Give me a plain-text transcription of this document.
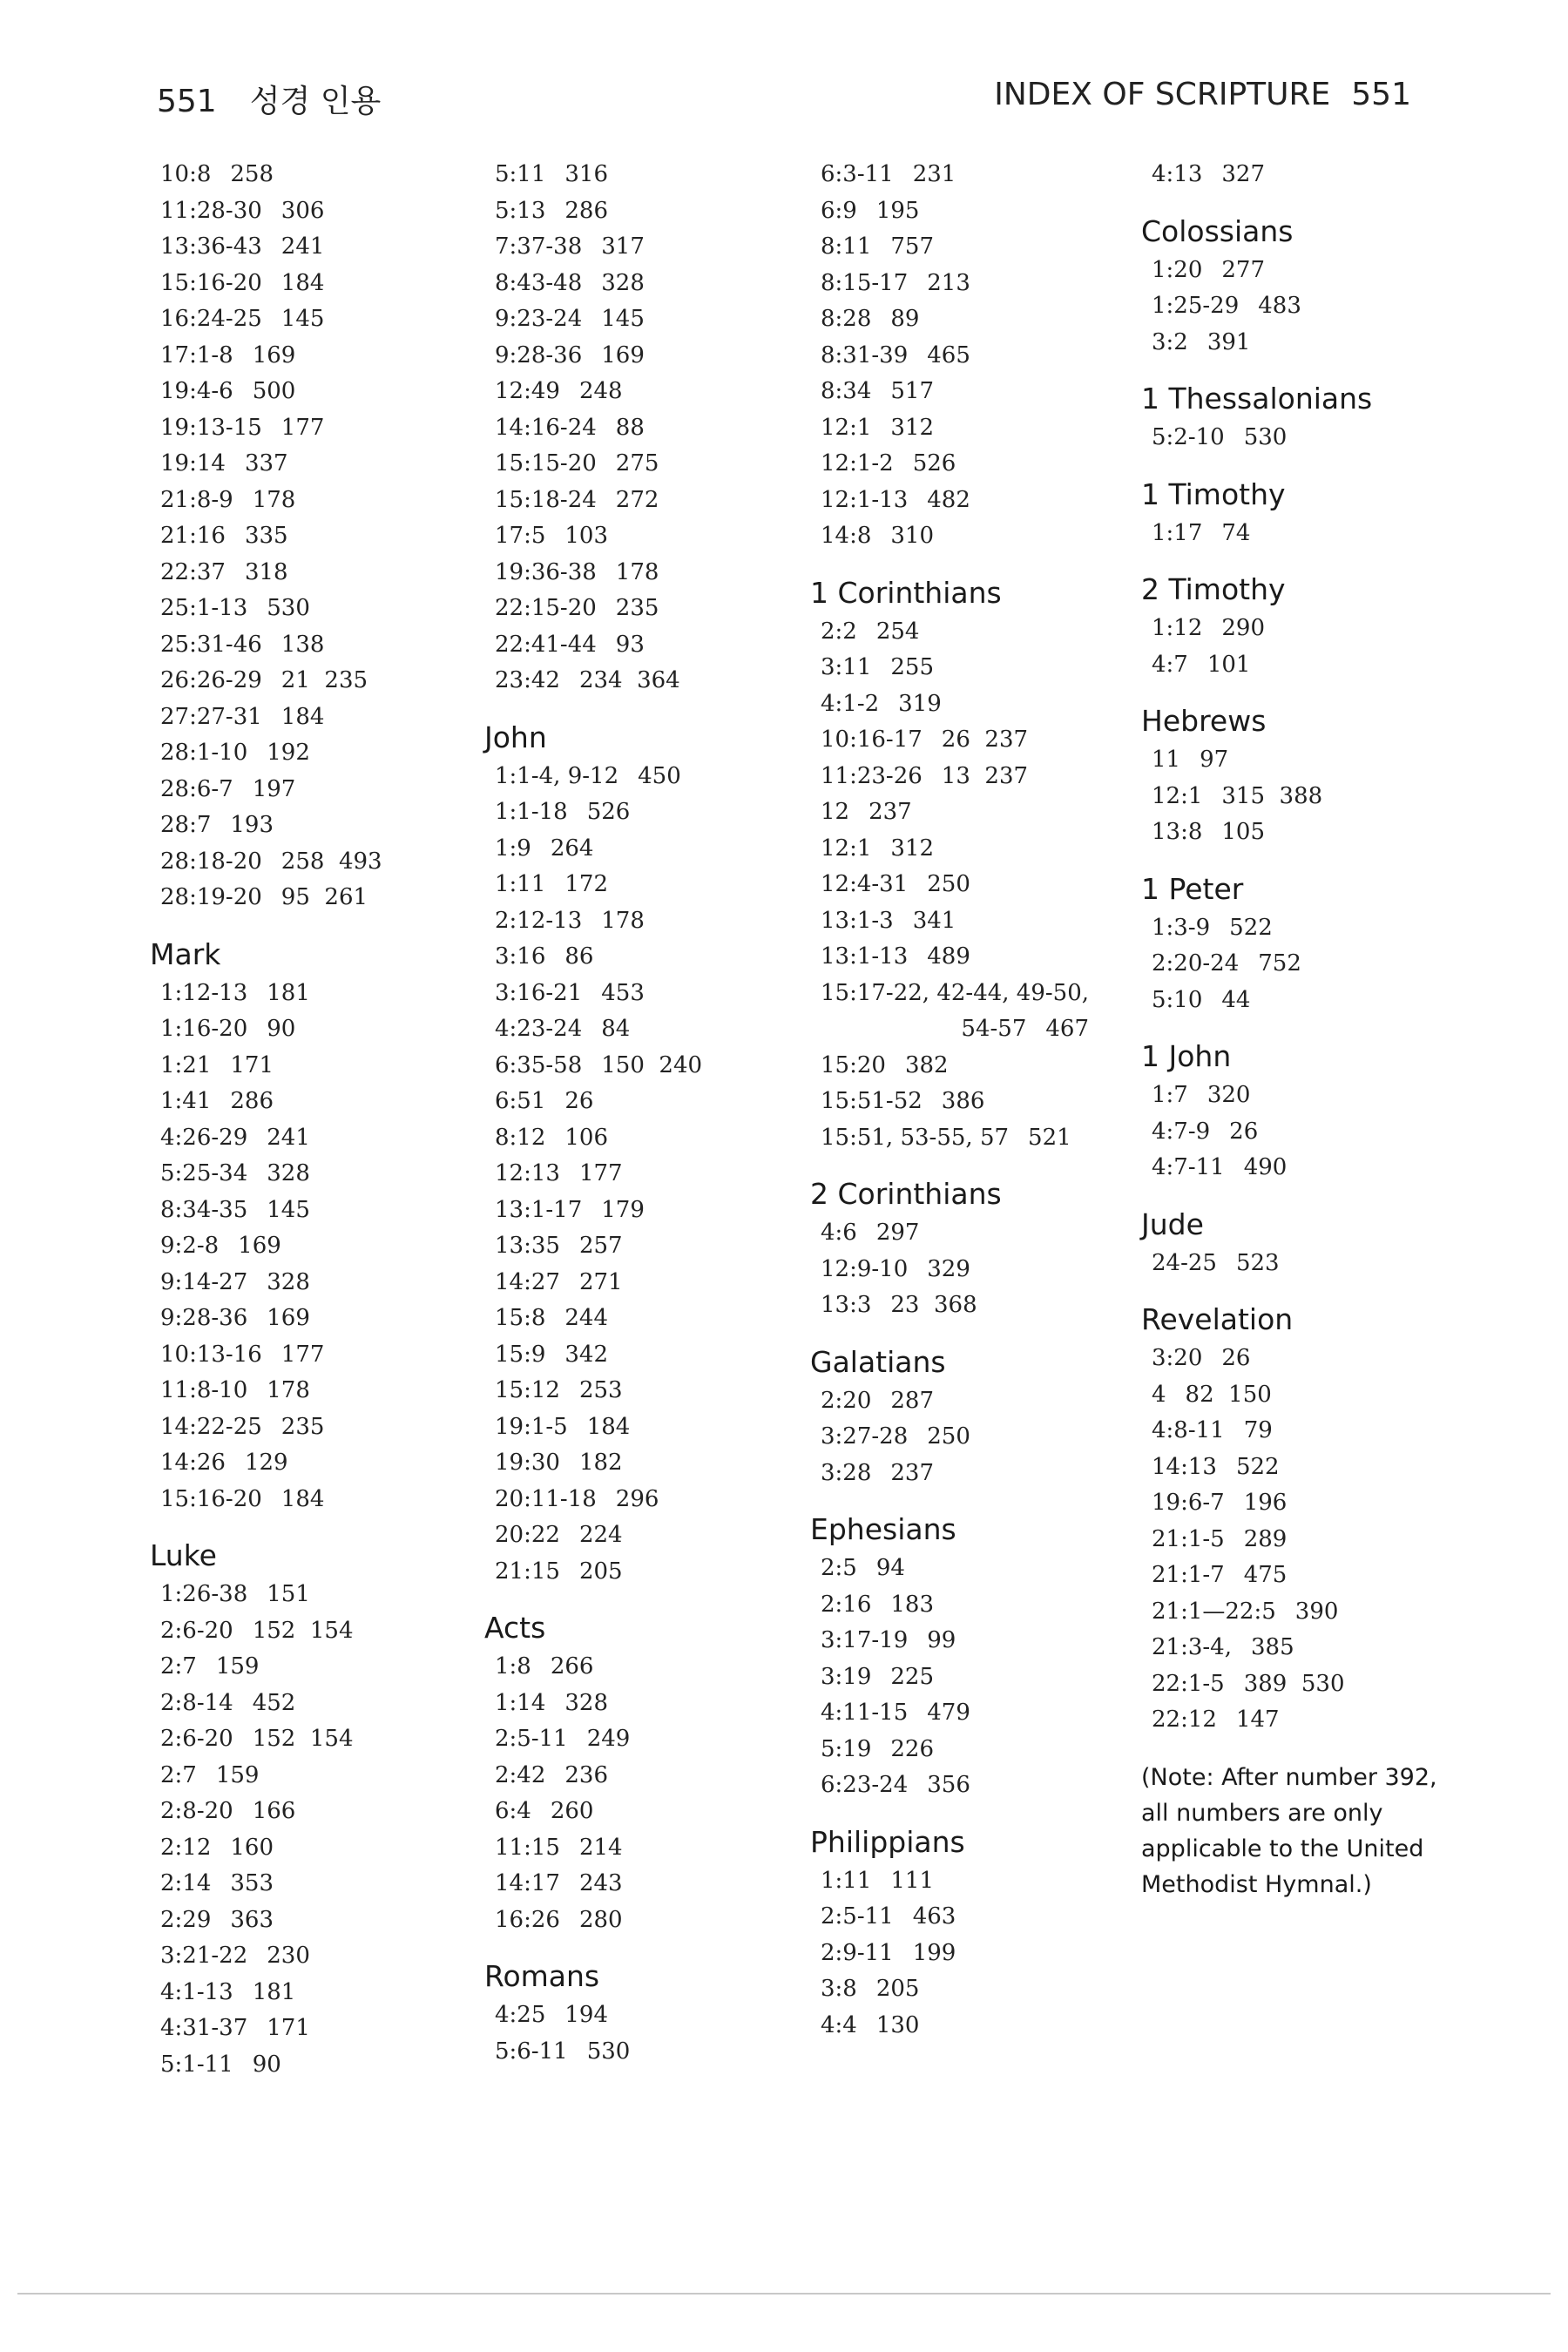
551 성경 인용	INDEX OF SCRIPTURE 551
10:8 258
11:28-30 306
13:36-43 241
15:16-20 184
16:24-25 145
17:1-8 169
19:4-6 500
19:13-15 177
19:14 337
21:8-9 178
21:16 335
22:37 318
25:1-13 530
25:31-46 138
26:26-29 21  235
27:27-31 184
28:1-10 192
28:6-7 197
28:7 193
28:18-20 258  493
28:19-20 95  261
Mark
1:12-13 181
1:16-20 90
1:21 171
1:41 286
4:26-29 241
5:25-34 328
8:34-35 145
9:2-8 169
9:14-27 328
9:28-36 169
10:13-16 177
11:8-10 178
14:22-25 235
14:26 129
15:16-20 184
Luke
1:26-38 151
2:6-20 152  154
2:7 159
2:8-14 452
2:6-20 152  154
2:7 159
2:8-20 166
2:12 160
2:14 353
2:29 363
3:21-22 230
4:1-13 181
4:31-37 171
5:1-11 90
5:11 316
5:13 286
7:37-38 317
8:43-48 328
9:23-24 145
9:28-36 169
12:49 248
14:16-24 88
15:15-20 275
15:18-24 272
17:5 103
19:36-38 178
22:15-20 235
22:41-44 93
23:42 234  364
John
1:1-4, 9-12 450
1:1-18 526
1:9 264
1:11 172
2:12-13 178
3:16 86
3:16-21 453
4:23-24 84
6:35-58 150  240
6:51 26
8:12 106
12:13 177
13:1-17 179
13:35 257
14:27 271
15:8 244
15:9 342
15:12 253
19:1-5 184
19:30 182
20:11-18 296
20:22 224
21:15 205
Acts
1:8 266
1:14 328
2:5-11 249
2:42 236
6:4 260
11:15 214
14:17 243
16:26 280
Romans
4:25 194
5:6-11 530
6:3-11 231
6:9 195
8:11 757
8:15-17 213
8:28 89
8:31-39 465
8:34 517
12:1 312
12:1-2 526
12:1-13 482
14:8 310
1 Corinthians
2:2 254
3:11 255
4:1-2 319
10:16-17 26  237
11:23-26 13  237
12 237
12:1 312
12:4-31 250
13:1-3 341
13:1-13 489
15:17-22, 42-44, 49-50,
54-57 467
15:20 382
15:51-52 386
15:51, 53-55, 57 521
2 Corinthians
4:6 297
12:9-10 329
13:3 23  368
Galatians
2:20 287
3:27-28 250
3:28 237
Ephesians
2:5 94
2:16 183
3:17-19 99
3:19 225
4:11-15 479
5:19 226
6:23-24 356
Philippians
1:11 111
2:5-11 463
2:9-11 199
3:8 205
4:4 130
4:13 327
Colossians
1:20 277
1:25-29 483
3:2 391
1 Thessalonians
5:2-10 530
1 Timothy
1:17 74
2 Timothy
1:12 290
4:7 101
Hebrews
11 97
12:1 315  388
13:8 105
1 Peter
1:3-9 522
2:20-24 752
5:10 44
1 John
1:7 320
4:7-9 26
4:7-11 490
Jude
24-25 523
Revelation
3:20 26
4 82  150
4:8-11 79
14:13 522
19:6-7 196
21:1-5 289
21:1-7 475
21:1—22:5 390
21:3-4, 385
22:1-5 389  530
22:12 147
(Note: After number 392, all numbers are only applicable to the United Methodist Hymnal.)
